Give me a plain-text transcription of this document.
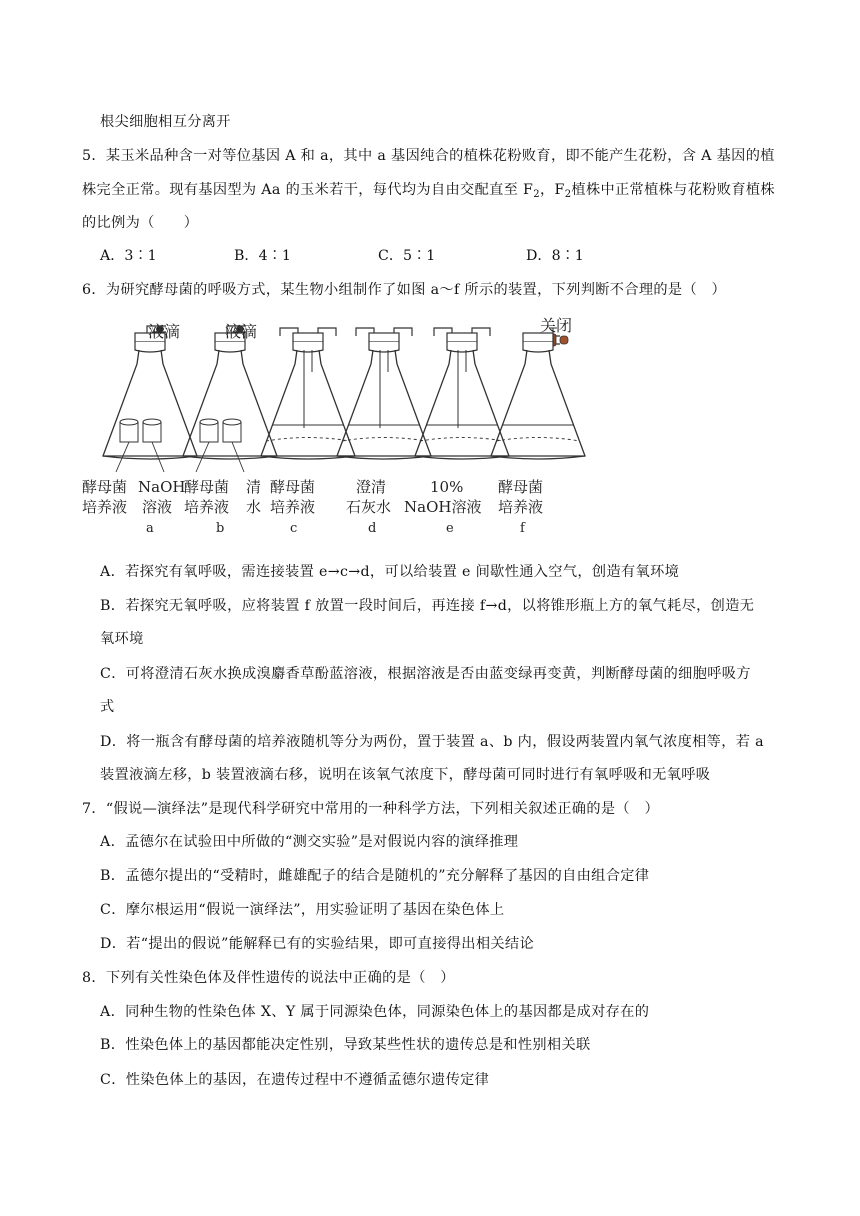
根尖细胞相互分离开
5．某玉米品种含一对等位基因 A 和 a，其中 a 基因纯合的植株花粉败育，即不能产生花粉，含 A 基因的植
株完全正常。现有基因型为 Aa 的玉米若干，每代均为自由交配直至 $F_2$，$F_2$植株中正常植株与花粉败育植株
的比例为（　　）
A．3∶1	B．4∶1	C．5∶1	D．8∶1
6．为研究酵母菌的呼吸方式，某生物小组制作了如图 a～f 所示的装置，下列判断不合理的是（　）
液滴	液滴	关闭
酵母菌
培养液
NaOH
溶液
a
酵母菌
培养液
清
水
b
酵母菌
培养液
c
澄清
石灰水
d
10%
NaOH溶液
e
酵母菌
培养液
f
A．若探究有氧呼吸，需连接装置 e→c→d，可以给装置 e 间歇性通入空气，创造有氧环境
B．若探究无氧呼吸，应将装置 f 放置一段时间后，再连接 f→d，以将锥形瓶上方的氧气耗尽，创造无
氧环境
C．可将澄清石灰水换成溴麝香草酚蓝溶液，根据溶液是否由蓝变绿再变黄，判断酵母菌的细胞呼吸方
式
D．将一瓶含有酵母菌的培养液随机等分为两份，置于装置 a、b 内，假设两装置内氧气浓度相等，若 a
装置液滴左移，b 装置液滴右移，说明在该氧气浓度下，酵母菌可同时进行有氧呼吸和无氧呼吸
7．“假说—演绎法”是现代科学研究中常用的一种科学方法，下列相关叙述正确的是（　）
A．孟德尔在试验田中所做的“测交实验”是对假说内容的演绎推理
B．孟德尔提出的“受精时，雌雄配子的结合是随机的”充分解释了基因的自由组合定律
C．摩尔根运用“假说一演绎法”，用实验证明了基因在染色体上
D．若“提出的假说”能解释已有的实验结果，即可直接得出相关结论
8．下列有关性染色体及伴性遗传的说法中正确的是（　）
A．同种生物的性染色体 X、Y 属于同源染色体，同源染色体上的基因都是成对存在的
B．性染色体上的基因都能决定性别，导致某些性状的遗传总是和性别相关联
C．性染色体上的基因，在遗传过程中不遵循孟德尔遗传定律
